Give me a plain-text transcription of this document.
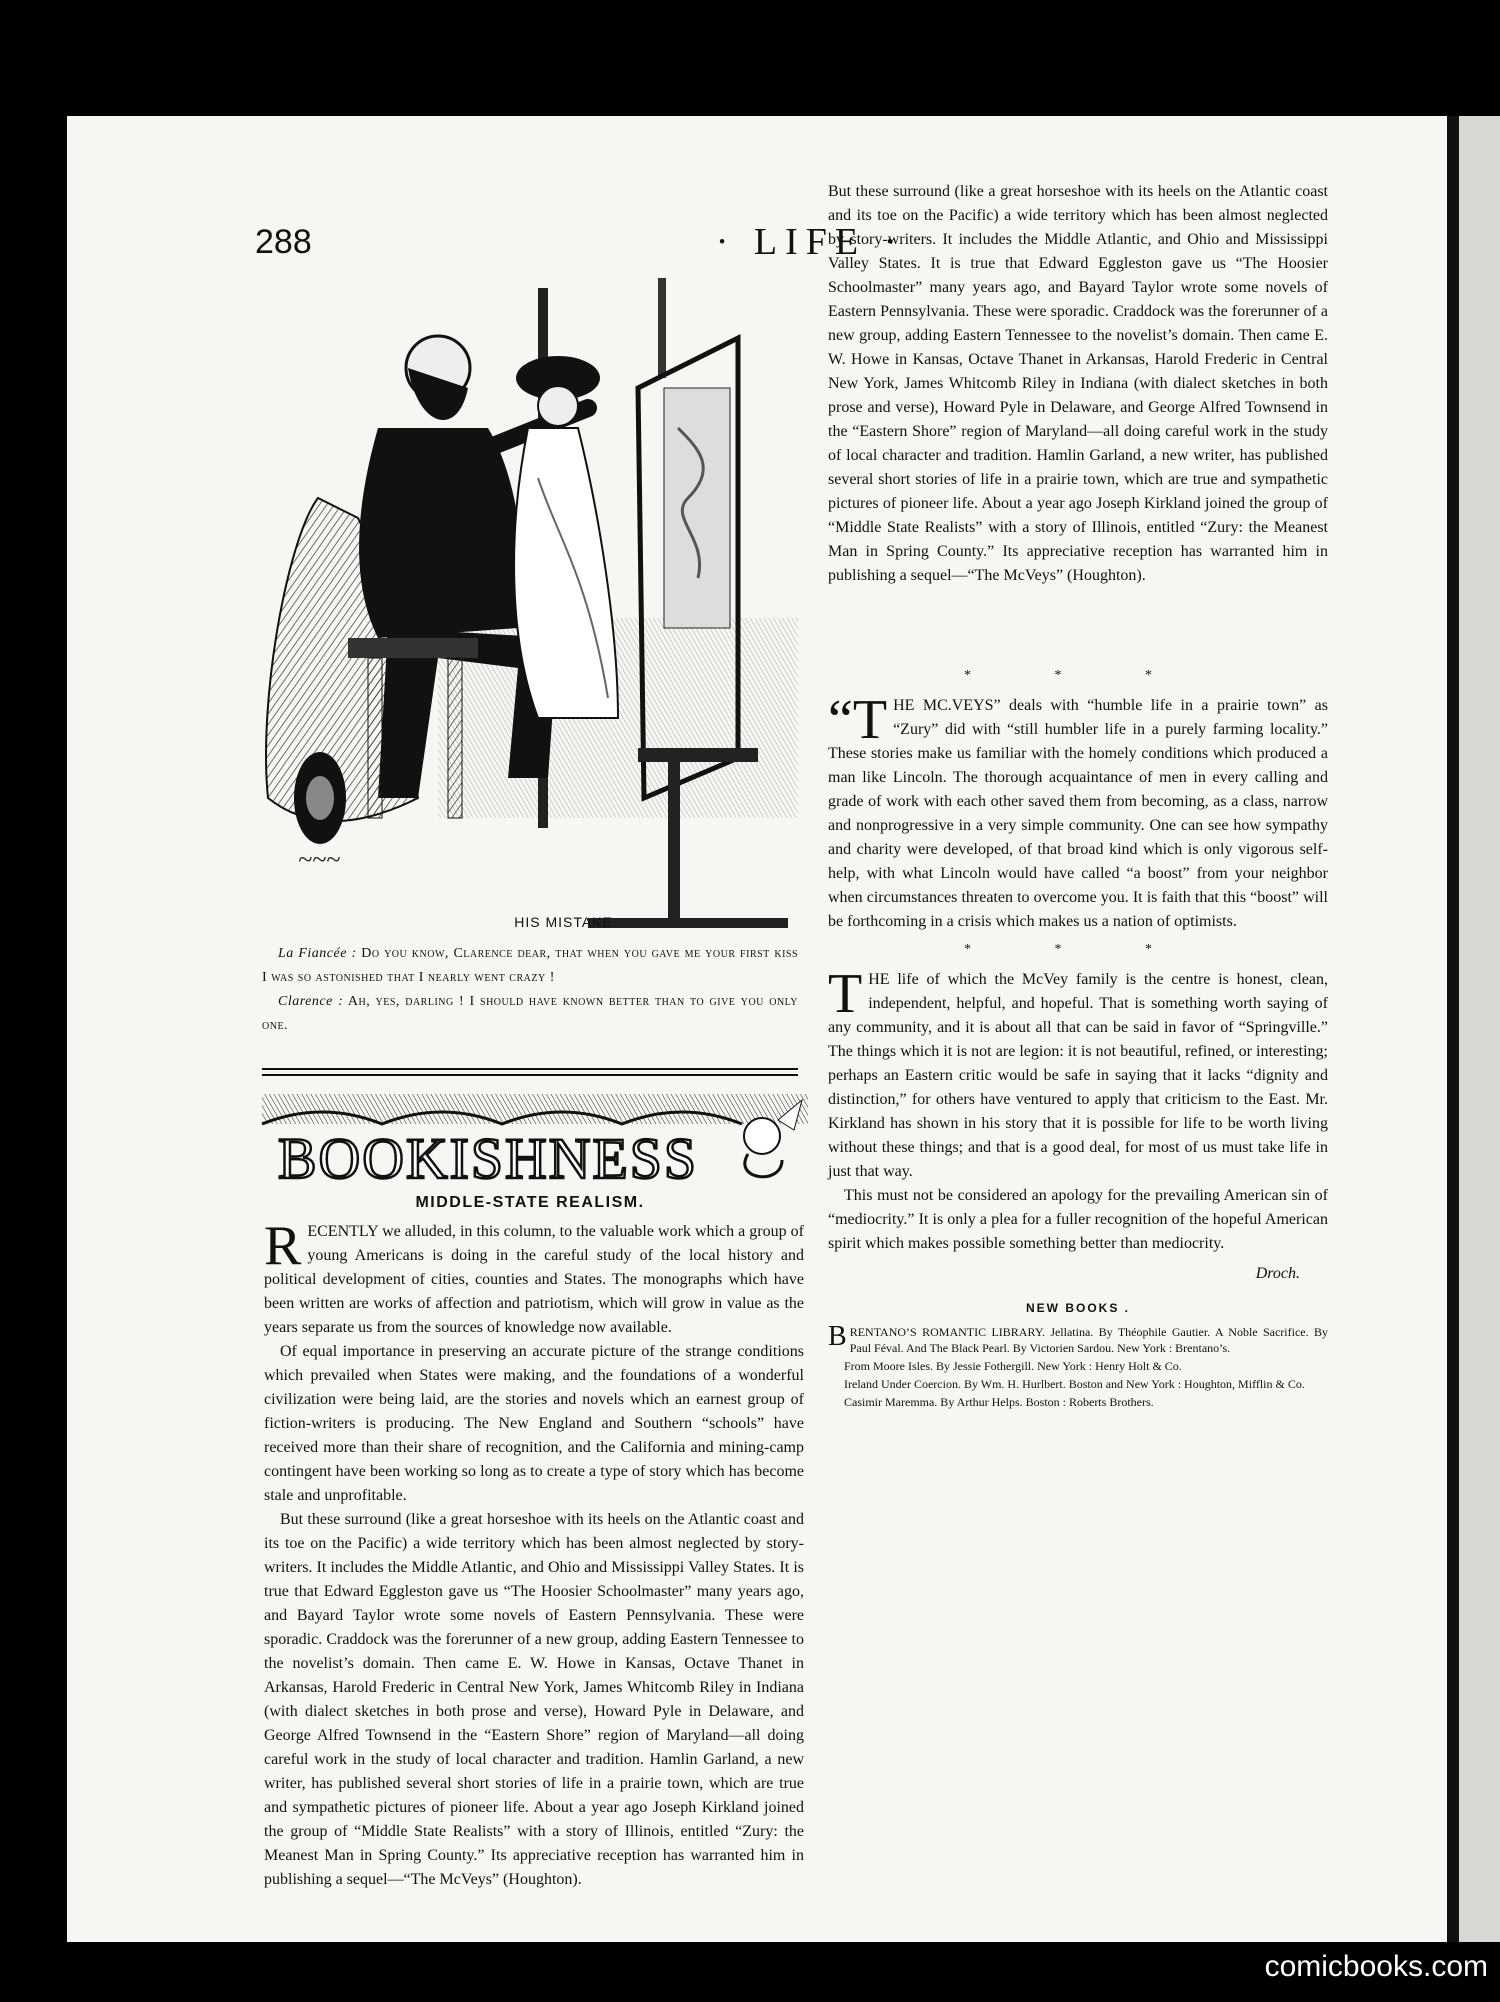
288	· LIFE ·
~~~
HIS MISTAKE.

La Fiancée : Do you know, Clarence dear, that when you gave me your first kiss I was so astonished that I nearly went crazy !

Clarence : Ah, yes, darling ! I should have known better than to give you only one.

BOOKISHNESS
MIDDLE-STATE REALISM.

RECENTLY we alluded, in this column, to the valuable work which a group of young Americans is doing in the careful study of the local history and political development of cities, counties and States. The monographs which have been written are works of affection and patriotism, which will grow in value as the years separate us from the sources of knowledge now available.

Of equal importance in preserving an accurate picture of the strange conditions which prevailed when States were making, and the foundations of a wonderful civilization were being laid, are the stories and novels which an earnest group of fiction-writers is producing. The New England and Southern “schools” have received more than their share of recognition, and the California and mining-camp contingent have been working so long as to create a type of story which has become stale and unprofitable.

But these surround (like a great horseshoe with its heels on the Atlantic coast and its toe on the Pacific) a wide territory which has been almost neglected by story-writers. It includes the Middle Atlantic, and Ohio and Mississippi Valley States. It is true that Edward Eggleston gave us “The Hoosier Schoolmaster” many years ago, and Bayard Taylor wrote some novels of Eastern Pennsylvania. These were sporadic. Craddock was the forerunner of a new group, adding Eastern Tennessee to the novelist’s domain. Then came E. W. Howe in Kansas, Octave Thanet in Arkansas, Harold Frederic in Central New York, James Whitcomb Riley in Indiana (with dialect sketches in both prose and verse), Howard Pyle in Delaware, and George Alfred Townsend in the “Eastern Shore” region of Maryland—all doing careful work in the study of local character and tradition. Hamlin Garland, a new writer, has published several short stories of life in a prairie town, which are true and sympathetic pictures of pioneer life. About a year ago Joseph Kirkland joined the group of “Middle State Realists” with a story of Illinois, entitled “Zury: the Meanest Man in Spring County.” Its appreciative reception has warranted him in publishing a sequel—“The McVeys” (Houghton).

But these surround (like a great horseshoe with its heels on the Atlantic coast and its toe on the Pacific) a wide territory which has been almost neglected by story-writers. It includes the Middle Atlantic, and Ohio and Mississippi Valley States. It is true that Edward Eggleston gave us “The Hoosier Schoolmaster” many years ago, and Bayard Taylor wrote some novels of Eastern Pennsylvania. These were sporadic. Craddock was the forerunner of a new group, adding Eastern Tennessee to the novelist’s domain. Then came E. W. Howe in Kansas, Octave Thanet in Arkansas, Harold Frederic in Central New York, James Whitcomb Riley in Indiana (with dialect sketches in both prose and verse), Howard Pyle in Delaware, and George Alfred Townsend in the “Eastern Shore” region of Maryland—all doing careful work in the study of local character and tradition. Hamlin Garland, a new writer, has published several short stories of life in a prairie town, which are true and sympathetic pictures of pioneer life. About a year ago Joseph Kirkland joined the group of “Middle State Realists” with a story of Illinois, entitled “Zury: the Meanest Man in Spring County.” Its appreciative reception has warranted him in publishing a sequel—“The McVeys” (Houghton).

* * *

“T HE MC.VEYS” deals with “humble life in a prairie town” as “Zury” did with “still humbler life in a purely farming locality.” These stories make us familiar with the homely conditions which produced a man like Lincoln. The thorough acquaintance of men in every calling and grade of work with each other saved them from becoming, as a class, narrow and nonprogressive in a very simple community. One can see how sympathy and charity were developed, of that broad kind which is only vigorous self-help, with what Lincoln would have called “a boost” from your neighbor when circumstances threaten to overcome you. It is faith that this “boost” will be forthcoming in a crisis which makes us a nation of optimists.

* * *

THE life of which the McVey family is the centre is honest, clean, independent, helpful, and hopeful. That is something worth saying of any community, and it is about all that can be said in favor of “Springville.” The things which it is not are legion: it is not beautiful, refined, or interesting; perhaps an Eastern critic would be safe in saying that it lacks “dignity and distinction,” for others have ventured to apply that criticism to the East. Mr. Kirkland has shown in his story that it is possible for life to be worth living without these things; and that is a good deal, for most of us must take life in just that way.

This must not be considered an apology for the prevailing American sin of “mediocrity.” It is only a plea for a fuller recognition of the hopeful American spirit which makes possible something better than mediocrity.

Droch.

NEW BOOKS .

BRENTANO’S ROMANTIC LIBRARY. Jellatina. By Théophile Gautier. A Noble Sacrifice. By Paul Féval. And The Black Pearl. By Victorien Sardou. New York : Brentano’s.

From Moore Isles. By Jessie Fothergill. New York : Henry Holt & Co.

Ireland Under Coercion. By Wm. H. Hurlbert. Boston and New York : Houghton, Mifflin & Co.

Casimir Maremma. By Arthur Helps. Boston : Roberts Brothers.

comicbooks.com
